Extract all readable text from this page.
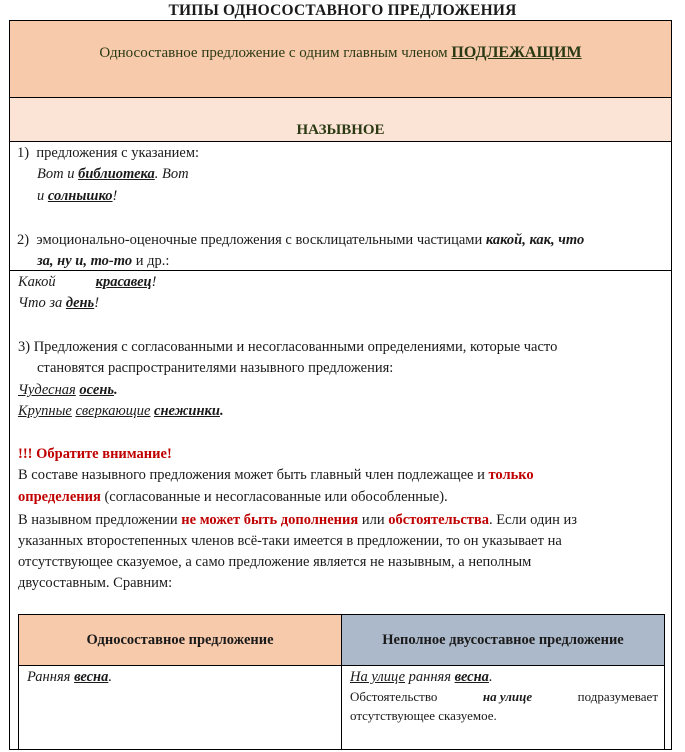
ТИПЫ ОДНОСОСТАВНОГО ПРЕДЛОЖЕНИЯ
Односоставное предложение с одним главным членом ПОДЛЕЖАЩИМ
НАЗЫВНОЕ
1) предложения с указанием:
Вот и библиотека. Вот
и солнышко!
2) эмоционально-оценочные предложения с восклицательными частицами какой, как, что
за, ну и, то-то и др.:
Какой	красавец!
Что за день!
3) Предложения с согласованными и несогласованными определениями, которые часто
становятся распространителями назывного предложения:
Чудесная осень.
Крупные сверкающие снежинки.
!!! Обратите внимание!
В составе назывного предложения может быть главный член подлежащее и только
определения (согласованные и несогласованные или обособленные).
В назывном предложении не может быть дополнения или обстоятельства. Если один из
указанных второстепенных членов всё-таки имеется в предложении, то он указывает на
отсутствующее сказуемое, а само предложение является не назывным, а неполным
двусоставным. Сравним:
Односоставное предложение	Неполное двусоставное предложение
Ранняя весна.	На улице ранняя весна.
Обстоятельство	на улице	подразумевает
отсутствующее сказуемое.
